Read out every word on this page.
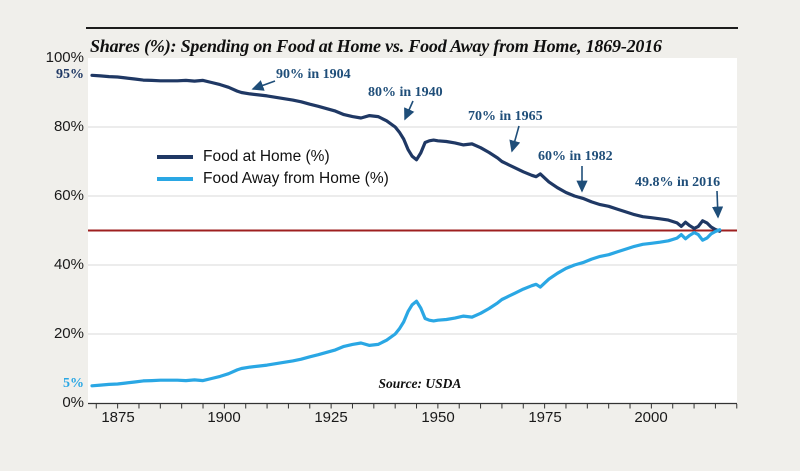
Shares (%): Spending on Food at Home vs. Food Away from Home, 1869-2016
100%
80%
60%
40%
20%
0%
95%
5%
1875	1900	1925	1950	1975	2000
Food at Home (%)
Food Away from Home (%)
90% in 1904
80% in 1940
70% in 1965
60% in 1982
49.8% in 2016
Source: USDA
